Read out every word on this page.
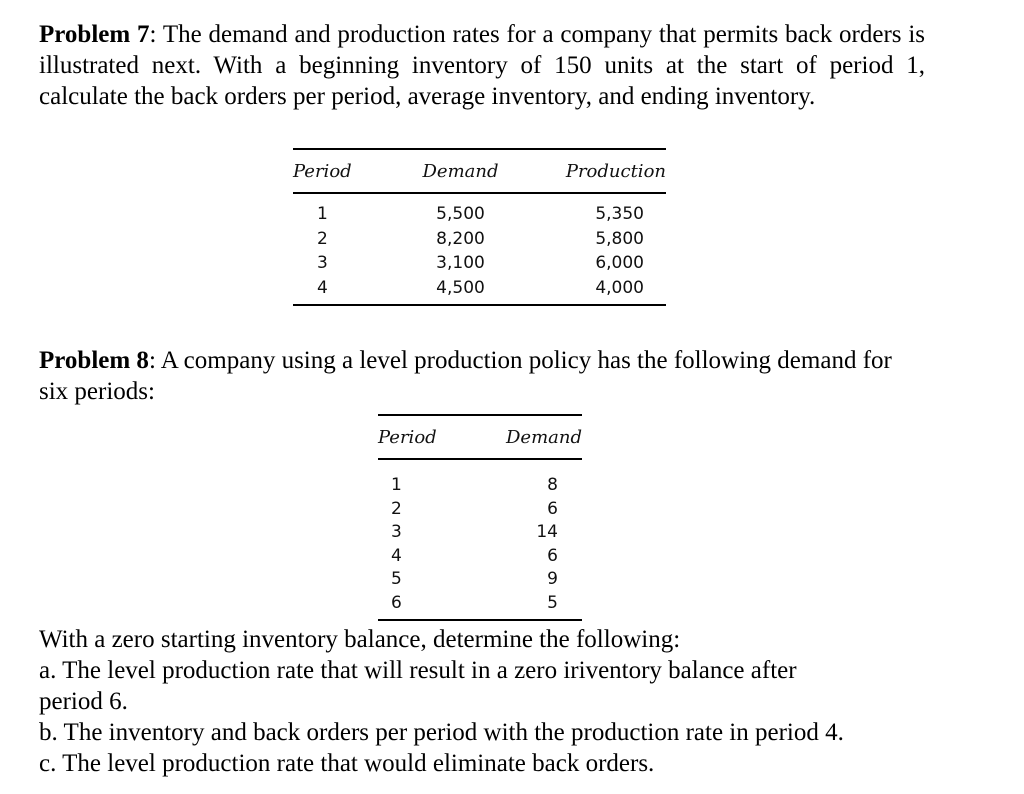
Problem 7: The demand and production rates for a company that permits back orders is illustrated next. With a beginning inventory of 150 units at the start of period 1, calculate the back orders per period, average inventory, and ending inventory.

Period	Demand	Production
1	5,500	5,350
2	8,200	5,800
3	3,100	6,000
4	4,500	4,000

Problem 8: A company using a level production policy has the following demand for six periods:

Period	Demand
1	8
2	6
3	14
4	6
5	9
6	5

With a zero starting inventory balance, determine the following:

a. The level production rate that will result in a zero iriventory balance after period 6.

b. The inventory and back orders per period with the production rate in period 4.

c. The level production rate that would eliminate back orders.
